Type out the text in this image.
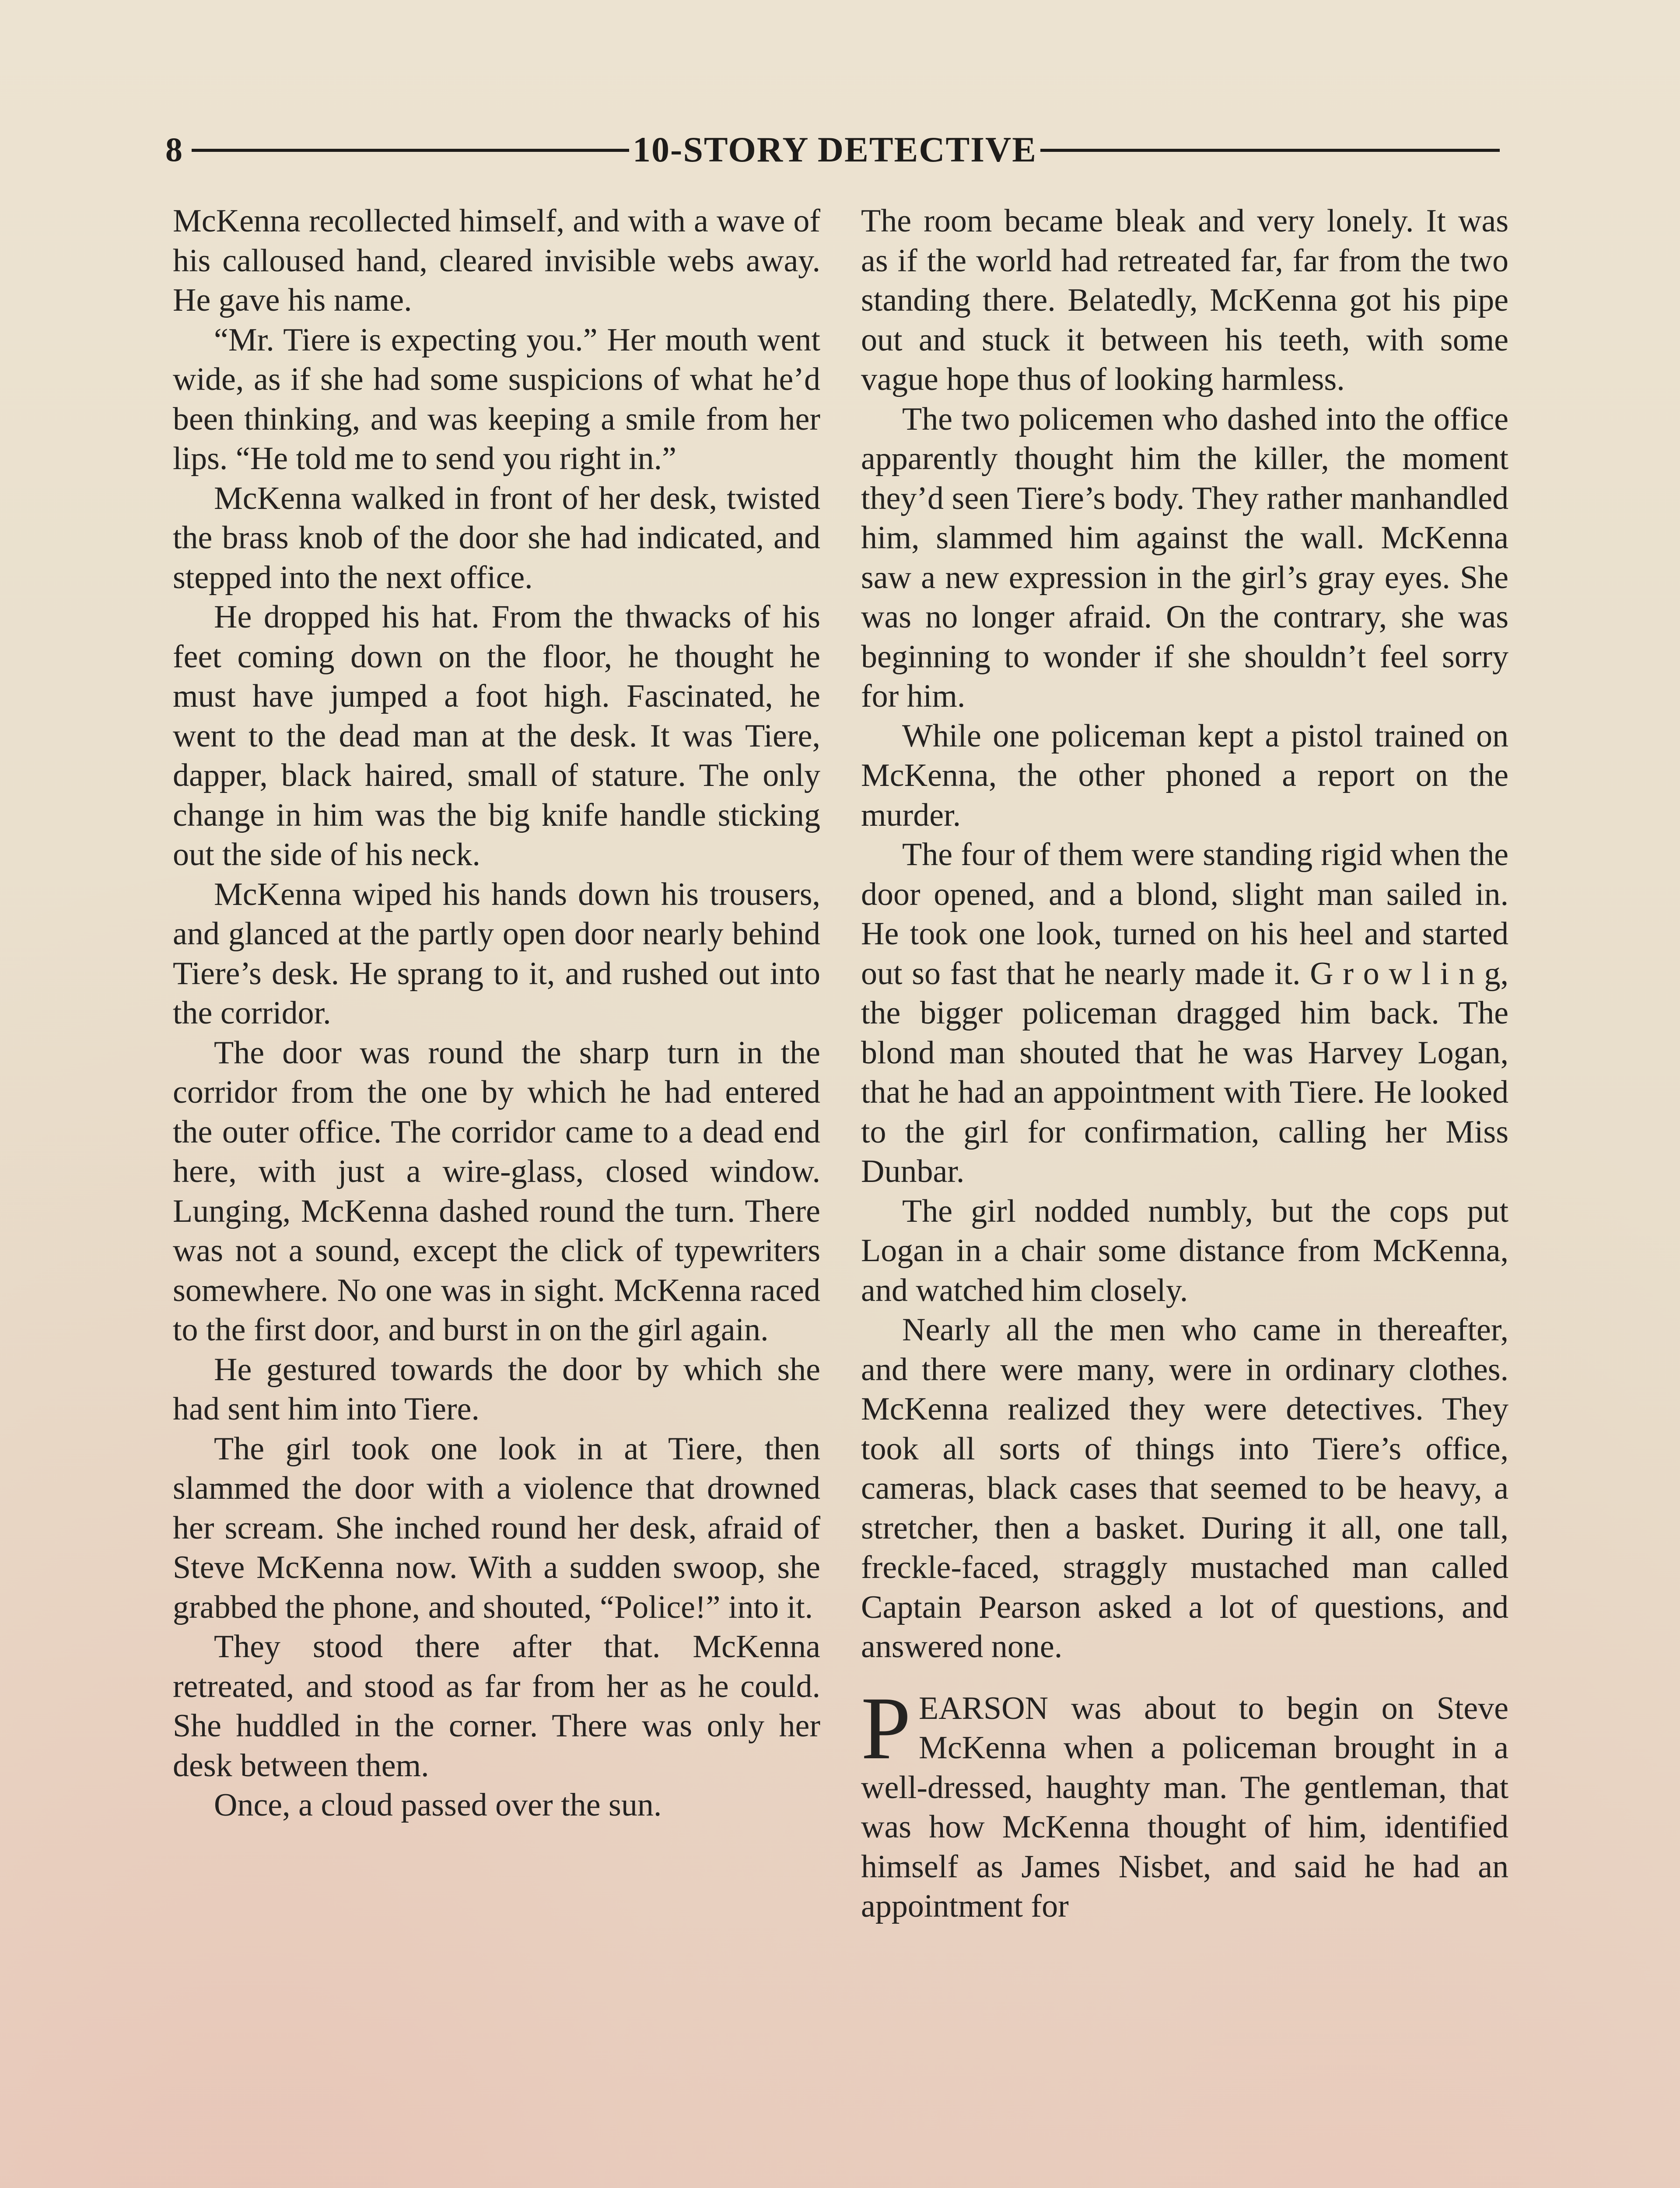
8	10-STORY DETECTIVE

McKenna recollected himself, and with a wave of his calloused hand, cleared invisible webs away. He gave his name.

“Mr. Tiere is expecting you.” Her mouth went wide, as if she had some suspicions of what he’d been thinking, and was keeping a smile from her lips. “He told me to send you right in.”

McKenna walked in front of her desk, twisted the brass knob of the door she had indicated, and stepped into the next office.

He dropped his hat. From the thwacks of his feet coming down on the floor, he thought he must have jumped a foot high. Fascinated, he went to the dead man at the desk. It was Tiere, dapper, black haired, small of stature. The only change in him was the big knife handle sticking out the side of his neck.

McKenna wiped his hands down his trousers, and glanced at the partly open door nearly behind Tiere’s desk. He sprang to it, and rushed out into the corridor.

The door was round the sharp turn in the corridor from the one by which he had entered the outer office. The corridor came to a dead end here, with just a wire-glass, closed window. Lunging, McKenna dashed round the turn. There was not a sound, except the click of typewriters somewhere. No one was in sight. McKenna raced to the first door, and burst in on the girl again.

He gestured towards the door by which she had sent him into Tiere.

The girl took one look in at Tiere, then slammed the door with a violence that drowned her scream. She inched round her desk, afraid of Steve McKenna now. With a sudden swoop, she grabbed the phone, and shouted, “Police!” into it.

They stood there after that. McKenna retreated, and stood as far from her as he could. She huddled in the corner. There was only her desk between them.

Once, a cloud passed over the sun.

The room became bleak and very lonely. It was as if the world had retreated far, far from the two standing there. Belatedly, McKenna got his pipe out and stuck it between his teeth, with some vague hope thus of looking harmless.

The two policemen who dashed into the office apparently thought him the killer, the moment they’d seen Tiere’s body. They rather manhandled him, slammed him against the wall. McKenna saw a new expression in the girl’s gray eyes. She was no longer afraid. On the contrary, she was beginning to wonder if she shouldn’t feel sorry for him.

While one policeman kept a pistol trained on McKenna, the other phoned a report on the murder.

The four of them were standing rigid when the door opened, and a blond, slight man sailed in. He took one look, turned on his heel and started out so fast that he nearly made it. G r o w l i n g, the bigger policeman dragged him back. The blond man shouted that he was Harvey Logan, that he had an appointment with Tiere. He looked to the girl for confirmation, calling her Miss Dunbar.

The girl nodded numbly, but the cops put Logan in a chair some distance from McKenna, and watched him closely.

Nearly all the men who came in thereafter, and there were many, were in ordinary clothes. McKenna realized they were detectives. They took all sorts of things into Tiere’s office, cameras, black cases that seemed to be heavy, a stretcher, then a basket. During it all, one tall, freckle-faced, straggly mustached man called Captain Pearson asked a lot of questions, and answered none.

PEARSON was about to begin on Steve McKenna when a policeman brought in a well-dressed, haughty man. The gentleman, that was how McKenna thought of him, identified himself as James Nisbet, and said he had an appointment for
